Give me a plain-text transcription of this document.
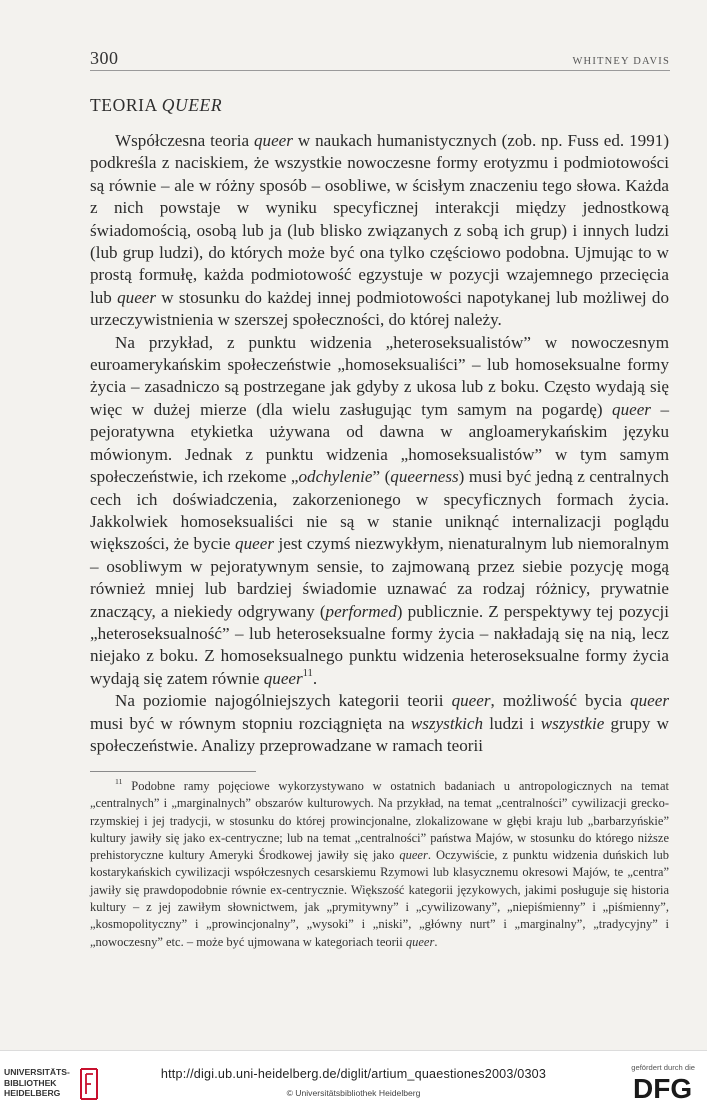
300	WHITNEY DAVIS
TEORIA QUEER

Współczesna teoria queer w naukach humanistycznych (zob. np. Fuss ed. 1991) podkreśla z naciskiem, że wszystkie nowoczesne formy erotyzmu i podmiotowości są równie – ale w różny sposób – osobliwe, w ścisłym znaczeniu tego słowa. Każda z nich powstaje w wyniku specyficznej interakcji między jednostkową świadomością, osobą lub ja (lub blisko związanych z sobą ich grup) i innych ludzi (lub grup ludzi), do których może być ona tylko częściowo podobna. Ujmując to w prostą formułę, każda podmiotowość egzystuje w pozycji wzajemnego przecięcia lub queer w stosunku do każdej innej podmiotowości napotykanej lub możliwej do urzeczywistnienia w szerszej społeczności, do której należy.

Na przykład, z punktu widzenia „heteroseksualistów” w nowoczesnym euroamerykańskim społeczeństwie „homoseksualiści” – lub homoseksualne formy życia – zasadniczo są postrzegane jak gdyby z ukosa lub z boku. Często wydają się więc w dużej mierze (dla wielu zasługując tym samym na pogardę) queer – pejoratywna etykietka używana od dawna w angloamerykańskim języku mówionym. Jednak z punktu widzenia „homoseksualistów” w tym samym społeczeństwie, ich rzekome „odchylenie” (queerness) musi być jedną z centralnych cech ich doświadczenia, zakorzenionego w specyficznych formach życia. Jakkolwiek homoseksualiści nie są w stanie uniknąć internalizacji poglądu większości, że bycie queer jest czymś niezwykłym, nienaturalnym lub niemoralnym – osobliwym w pejoratywnym sensie, to zajmowaną przez siebie pozycję mogą również mniej lub bardziej świadomie uznawać za rodzaj różnicy, prywatnie znaczący, a niekiedy odgrywany (performed) publicznie. Z perspektywy tej pozycji „heteroseksualność” – lub heteroseksualne formy życia – nakładają się na nią, lecz niejako z boku. Z homoseksualnego punktu widzenia heteroseksualne formy życia wydają się zatem równie queer$^{11}$.

Na poziomie najogólniejszych kategorii teorii queer, możliwość bycia queer musi być w równym stopniu rozciągnięta na wszystkich ludzi i wszystkie grupy w społeczeństwie. Analizy przeprowadzane w ramach teorii

$^{11}$ Podobne ramy pojęciowe wykorzystywano w ostatnich badaniach u antropologicznych na temat „centralnych” i „marginalnych” obszarów kulturowych. Na przykład, na temat „centralności” cywilizacji grecko-rzymskiej i jej tradycji, w stosunku do której prowincjonalne, zlokalizowane w głębi kraju lub „barbarzyńskie” kultury jawiły się jako ex-centryczne; lub na temat „centralności” państwa Majów, w stosunku do którego niższe prehistoryczne kultury Ameryki Środkowej jawiły się jako queer. Oczywiście, z punktu widzenia duńskich lub kostarykańskich cywilizacji współczesnych cesarskiemu Rzymowi lub klasycznemu okresowi Majów, te „centra” jawiły się prawdopodobnie równie ex-centrycznie. Większość kategorii językowych, jakimi posługuje się historia kultury – z jej zawiłym słownictwem, jak „prymitywny” i „cywilizowany”, „niepiśmienny” i „piśmienny”, „kosmopolityczny” i „prowincjonalny”, „wysoki” i „niski”, „główny nurt” i „marginalny”, „tradycyjny” i „nowoczesny” etc. – może być ujmowana w kategoriach teorii queer.

UNIVERSITÄTS-
BIBLIOTHEK
HEIDELBERG
http://digi.ub.uni-heidelberg.de/diglit/artium_quaestiones2003/0303
© Universitätsbibliothek Heidelberg
gefördert durch die
DFG
